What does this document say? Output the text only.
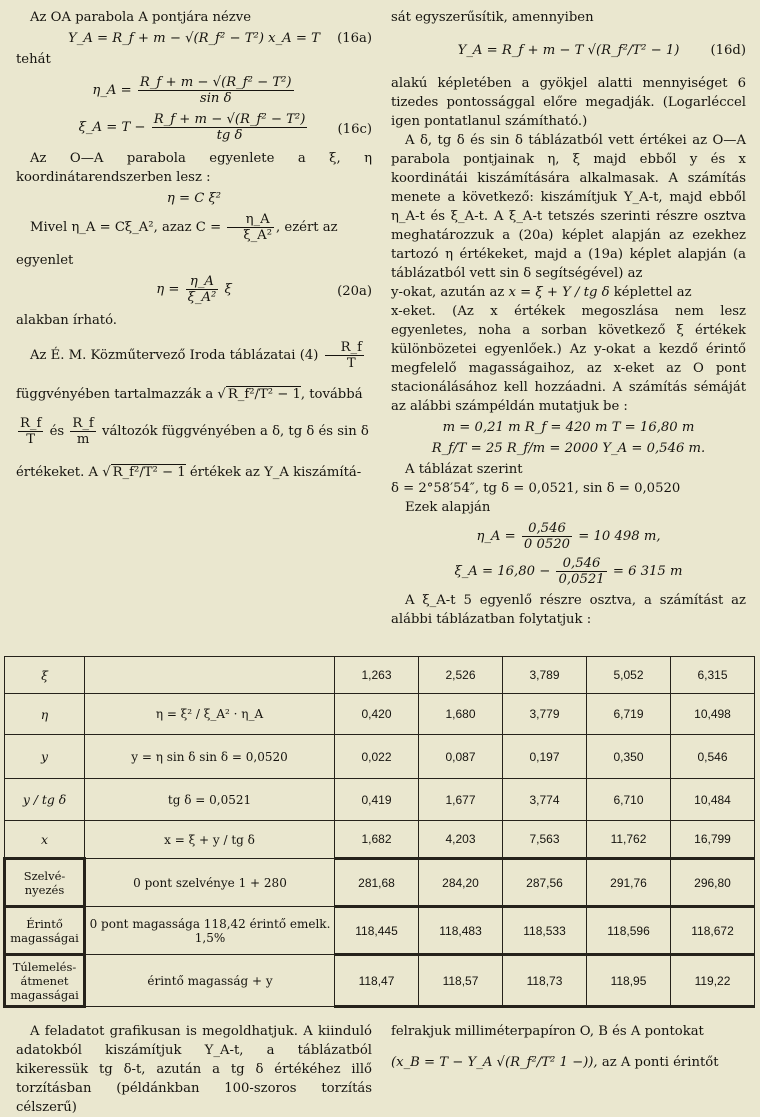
Az OA parabola A pontjára nézve

Y_A = R_f + m − √(R_f² − T²) x_A = T (16a)

tehát

η_A = $\frac{\text{R\_f + m − √(R\_f² − T²)}}{\text{sin δ}}$
ξ_A = $T - \frac{\text{R\_f + m − √(R\_f² − T²)}}{\text{tg δ}} (16c)$

Az O—A parabola egyenlete a ξ, η koordinátarendszerben lesz :

η = C ξ²

Mivel η_A = Cξ_A², azaz $C = \frac{\eta\_A}{\text{ξ\_A²}}$ , ezért az

egyenlet

$\eta = \frac{\eta\_A}{\text{ξ\_A²}}$ ξ	(20a)

alakban írható.

Az É. M. Közműtervező Iroda táblázatai $(4) \frac{R\_f}{T}$

függvényében tartalmazzák a √ R_f²/T² − 1, továbbá

$\frac{R\_f}{T}$ és $\frac{R\_f}{m}$ változók függvényében a δ, tg δ és sin δ

értékeket. A √ R_f²/T² − 1 értékek az Y_A kiszámítá-

sát egyszerűsítik, amennyiben

Y_A = R_f + m − T √(R_f²/T² − 1) (16d)

alakú képletében a gyökjel alatti mennyiséget 6 tizedes pontossággal előre megadják. (Logarléccel igen pontatlanul számítható.)

A δ, tg δ és sin δ táblázatból vett értékei az O—A parabola pontjainak η, ξ majd ebből y és x koordinátái kiszámítására alkalmasak. A számítás menete a következő: kiszámítjuk Y_A-t, majd ebből η_A-t és ξ_A-t. A ξ_A-t tetszés szerinti részre osztva meghatározzuk a (20a) képlet alapján az ezekhez tartozó η értékeket, majd a (19a) képlet alapján (a táblázatból vett sin δ segítségével) az

y-okat, azután az x = ξ + Y / tg δ képlettel az

x-eket. (Az x értékek megoszlása nem lesz egyenletes, noha a sorban következő ξ értékek különbözetei egyenlőek.) Az y-okat a kezdő érintő megfelelő magasságaihoz, az x-eket az O pont stacionálásához kell hozzáadni. A számítás sémáját az alábbi számpéldán mutatjuk be :

m = 0,21 m R_f = 420 m T = 16,80 m
R_f/T = 25 R_f/m = 2000 Y_A = 0,546 m.

A táblázat szerint

δ = 2°58′54″, tg δ = 0,0521, sin δ = 0,0520

Ezek alapján

η_A = $\frac{0,546}{0 0520} = 10$ 498 m,
ξ_A = $16,80 - \frac{0,546}{0,0521} = 6$ 315 m

A ξ_A-t 5 egyenlő részre osztva, a számítást az alábbi táblázatban folytatjuk :

ξ		1,263	2,526	3,789	5,052	6,315
η	η = ξ² / ξ_A² · η_A	0,420	1,680	3,779	6,719	10,498
y	y = η sin δ sin δ = 0,0520	0,022	0,087	0,197	0,350	0,546
y / tg δ	tg δ = 0,0521	0,419	1,677	3,774	6,710	10,484
x	x = ξ + y / tg δ	1,682	4,203	7,563	11,762	16,799
Szelvé-nyezés	0 pont szelvénye 1 + 280	281,68	284,20	287,56	291,76	296,80
Érintő magasságai	0 pont magassága 118,42 érintő emelk. 1,5%	118,445	118,483	118,533	118,596	118,672
Túlemelés-átmenet magasságai	érintő magasság + y	118,47	118,57	118,73	118,95	119,22

A feladatot grafikusan is megoldhatjuk. A kiinduló adatokból kiszámítjuk Y_A-t, a táblázatból kikeressük tg δ-t, azután a tg δ értékéhez illő torzításban (példánkban 100-szoros torzítás célszerű)

felrakjuk milliméterpapíron O, B és A pontokat

(x_B = T − Y_A √(R_f²/T² 1 −)), az A ponti érintőt
